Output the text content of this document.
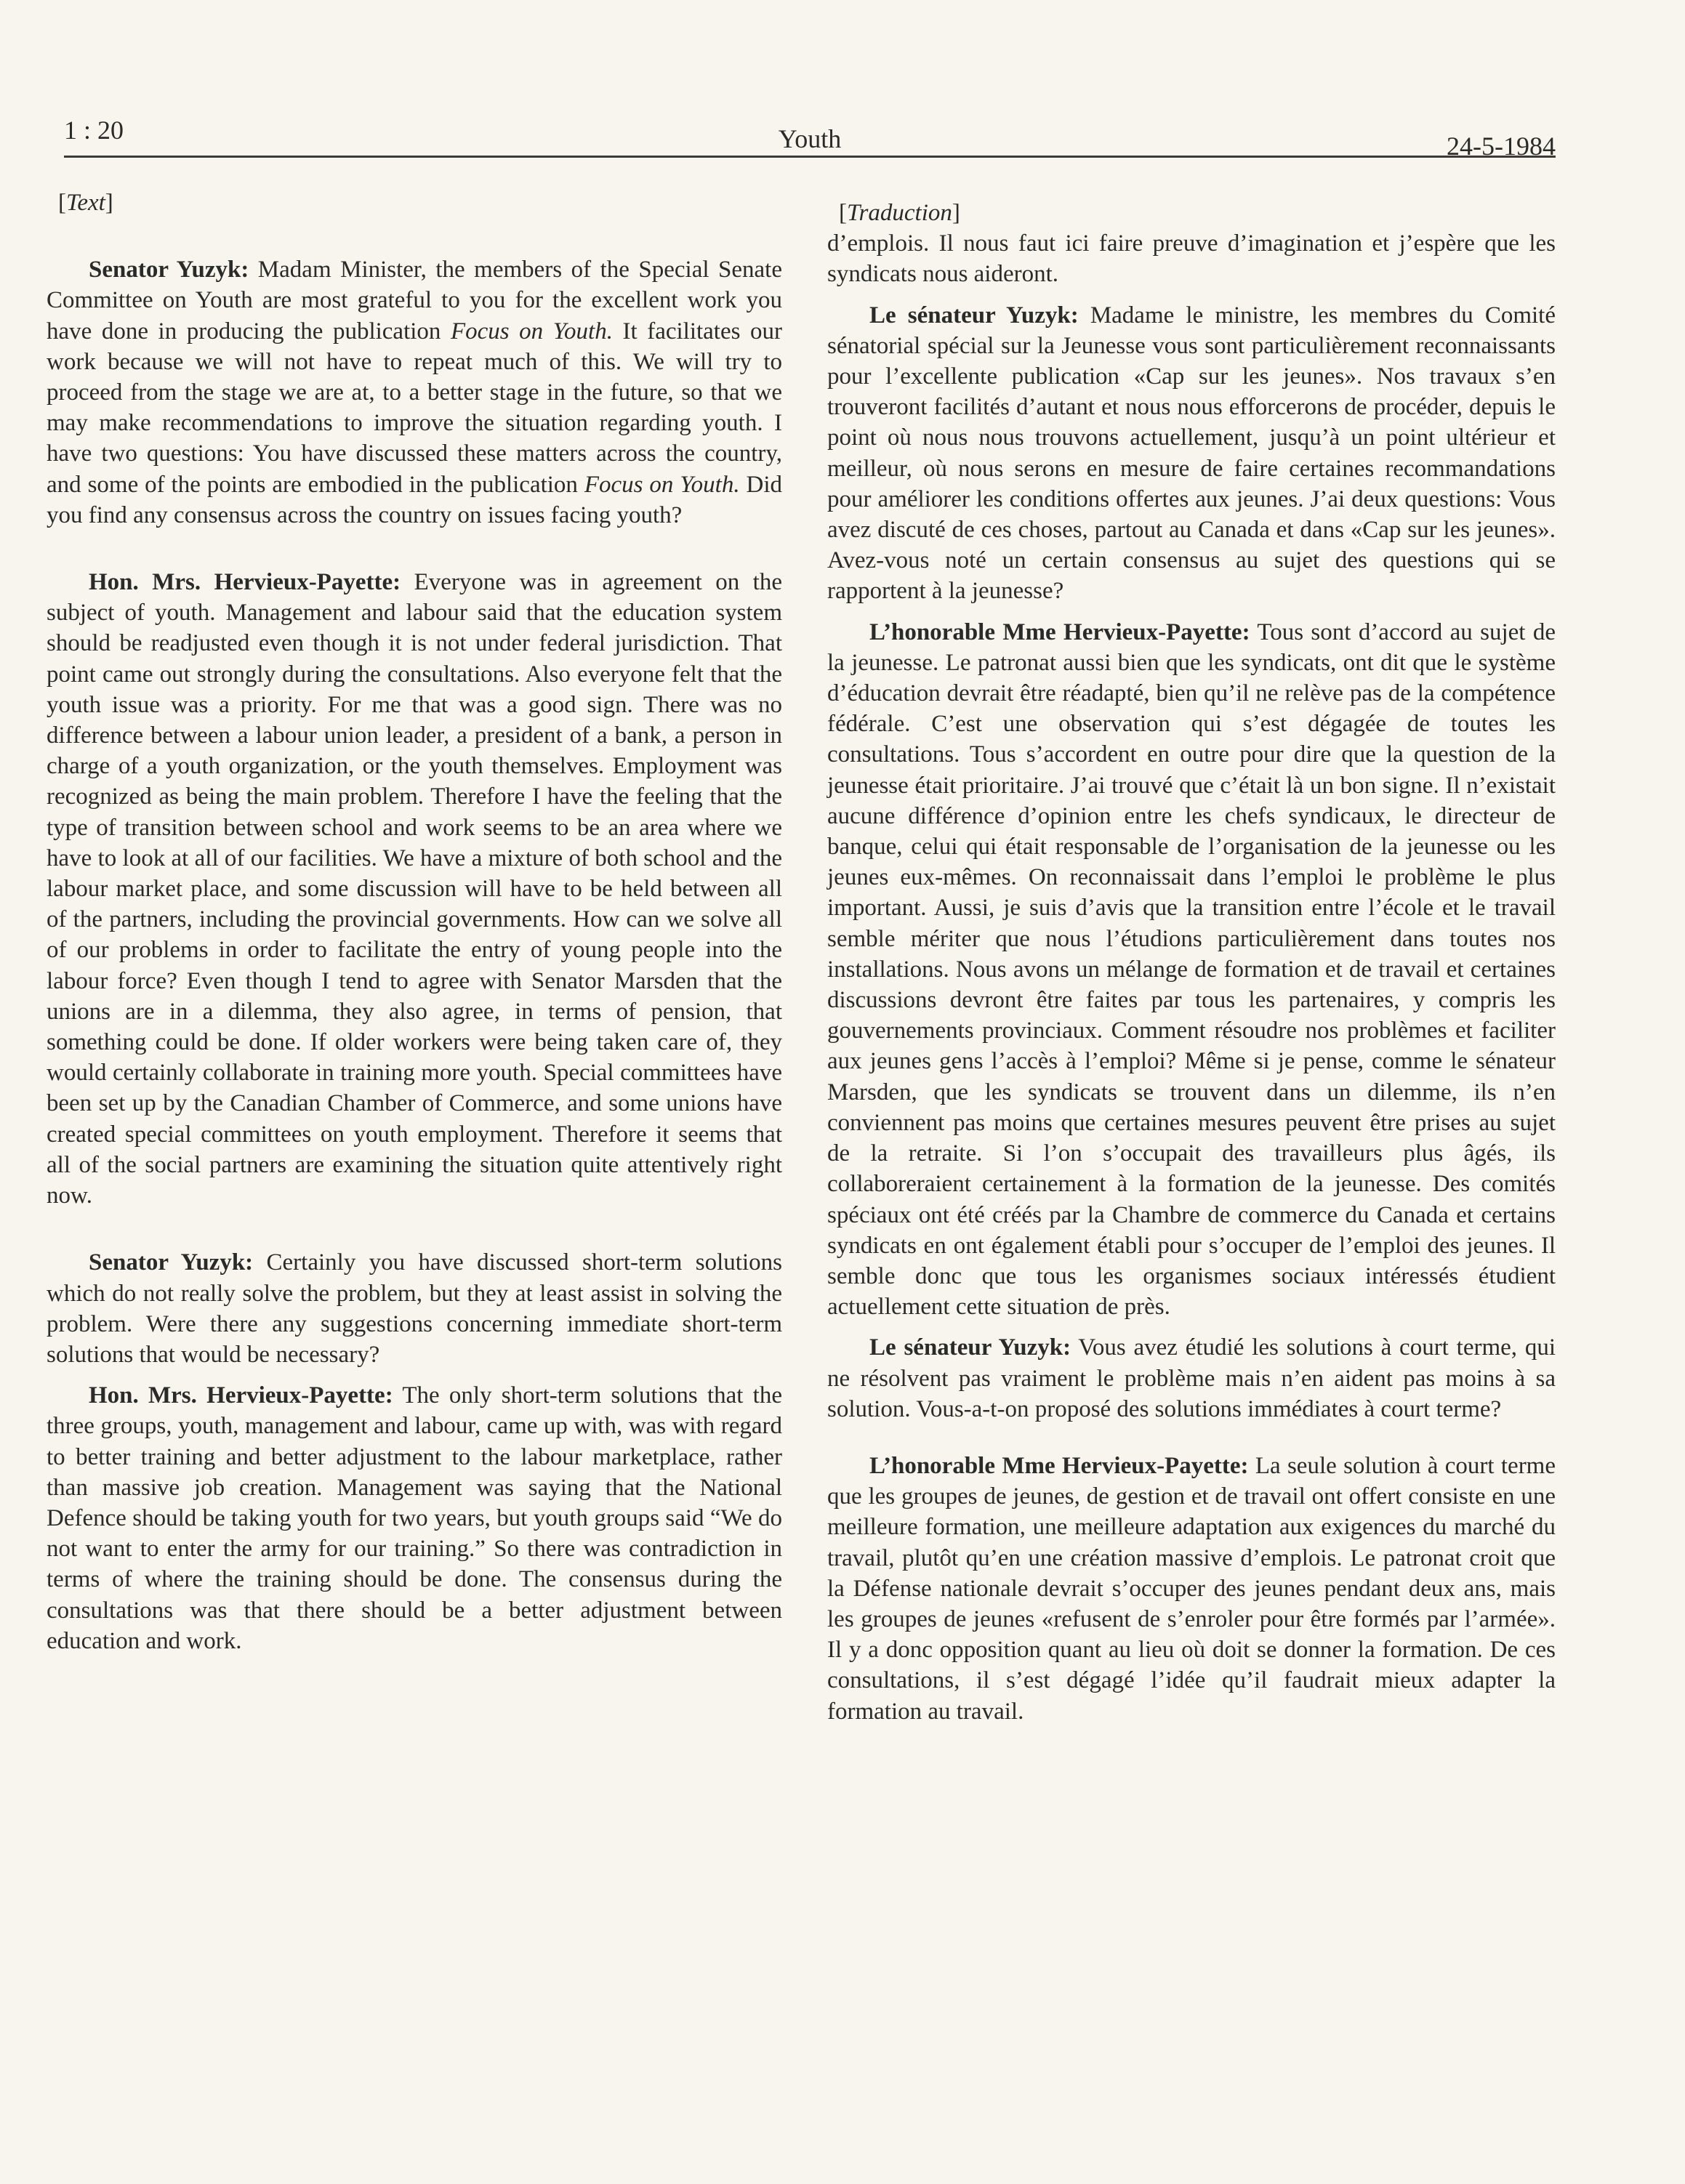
1 : 20	Youth	24-5-1984
[Text]

Senator Yuzyk: Madam Minister, the members of the Special Senate Committee on Youth are most grateful to you for the excellent work you have done in producing the publication Focus on Youth. It facilitates our work because we will not have to repeat much of this. We will try to proceed from the stage we are at, to a better stage in the future, so that we may make recommendations to improve the situation regarding youth. I have two questions: You have discussed these matters across the country, and some of the points are embodied in the publication Focus on Youth. Did you find any consensus across the country on issues facing youth?

Hon. Mrs. Hervieux-Payette: Everyone was in agreement on the subject of youth. Management and labour said that the education system should be readjusted even though it is not under federal jurisdiction. That point came out strongly during the consultations. Also everyone felt that the youth issue was a priority. For me that was a good sign. There was no difference between a labour union leader, a president of a bank, a person in charge of a youth organization, or the youth themselves. Employment was recognized as being the main problem. Therefore I have the feeling that the type of transition between school and work seems to be an area where we have to look at all of our facilities. We have a mixture of both school and the labour market place, and some discussion will have to be held between all of the partners, including the provincial governments. How can we solve all of our problems in order to facilitate the entry of young people into the labour force? Even though I tend to agree with Senator Marsden that the unions are in a dilemma, they also agree, in terms of pension, that something could be done. If older workers were being taken care of, they would certainly collaborate in training more youth. Special committees have been set up by the Canadian Chamber of Commerce, and some unions have created special committees on youth employment. Therefore it seems that all of the social partners are examining the situation quite attentively right now.

Senator Yuzyk: Certainly you have discussed short-term solutions which do not really solve the problem, but they at least assist in solving the problem. Were there any suggestions concerning immediate short-term solutions that would be necessary?

Hon. Mrs. Hervieux-Payette: The only short-term solutions that the three groups, youth, management and labour, came up with, was with regard to better training and better adjustment to the labour marketplace, rather than massive job creation. Management was saying that the National Defence should be taking youth for two years, but youth groups said “We do not want to enter the army for our training.” So there was contradiction in terms of where the training should be done. The consensus during the consultations was that there should be a better adjustment between education and work.

[Traduction]

d’emplois. Il nous faut ici faire preuve d’imagination et j’espère que les syndicats nous aideront.

Le sénateur Yuzyk: Madame le ministre, les membres du Comité sénatorial spécial sur la Jeunesse vous sont particulièrement reconnaissants pour l’excellente publication «Cap sur les jeunes». Nos travaux s’en trouveront facilités d’autant et nous nous efforcerons de procéder, depuis le point où nous nous trouvons actuellement, jusqu’à un point ultérieur et meilleur, où nous serons en mesure de faire certaines recommandations pour améliorer les conditions offertes aux jeunes. J’ai deux questions: Vous avez discuté de ces choses, partout au Canada et dans «Cap sur les jeunes». Avez-vous noté un certain consensus au sujet des questions qui se rapportent à la jeunesse?

L’honorable Mme Hervieux-Payette: Tous sont d’accord au sujet de la jeunesse. Le patronat aussi bien que les syndicats, ont dit que le système d’éducation devrait être réadapté, bien qu’il ne relève pas de la compétence fédérale. C’est une observation qui s’est dégagée de toutes les consultations. Tous s’accordent en outre pour dire que la question de la jeunesse était prioritaire. J’ai trouvé que c’était là un bon signe. Il n’existait aucune différence d’opinion entre les chefs syndicaux, le directeur de banque, celui qui était responsable de l’organisation de la jeunesse ou les jeunes eux-mêmes. On reconnaissait dans l’emploi le problème le plus important. Aussi, je suis d’avis que la transition entre l’école et le travail semble mériter que nous l’étudions particulièrement dans toutes nos installations. Nous avons un mélange de formation et de travail et certaines discussions devront être faites par tous les partenaires, y compris les gouvernements provinciaux. Comment résoudre nos problèmes et faciliter aux jeunes gens l’accès à l’emploi? Même si je pense, comme le sénateur Marsden, que les syndicats se trouvent dans un dilemme, ils n’en conviennent pas moins que certaines mesures peuvent être prises au sujet de la retraite. Si l’on s’occupait des travailleurs plus âgés, ils collaboreraient certainement à la formation de la jeunesse. Des comités spéciaux ont été créés par la Chambre de commerce du Canada et certains syndicats en ont également établi pour s’occuper de l’emploi des jeunes. Il semble donc que tous les organismes sociaux intéressés étudient actuellement cette situation de près.

Le sénateur Yuzyk: Vous avez étudié les solutions à court terme, qui ne résolvent pas vraiment le problème mais n’en aident pas moins à sa solution. Vous-a-t-on proposé des solutions immédiates à court terme?

L’honorable Mme Hervieux-Payette: La seule solution à court terme que les groupes de jeunes, de gestion et de travail ont offert consiste en une meilleure formation, une meilleure adaptation aux exigences du marché du travail, plutôt qu’en une création massive d’emplois. Le patronat croit que la Défense nationale devrait s’occuper des jeunes pendant deux ans, mais les groupes de jeunes «refusent de s’enroler pour être formés par l’armée». Il y a donc opposition quant au lieu où doit se donner la formation. De ces consultations, il s’est dégagé l’idée qu’il faudrait mieux adapter la formation au travail.
